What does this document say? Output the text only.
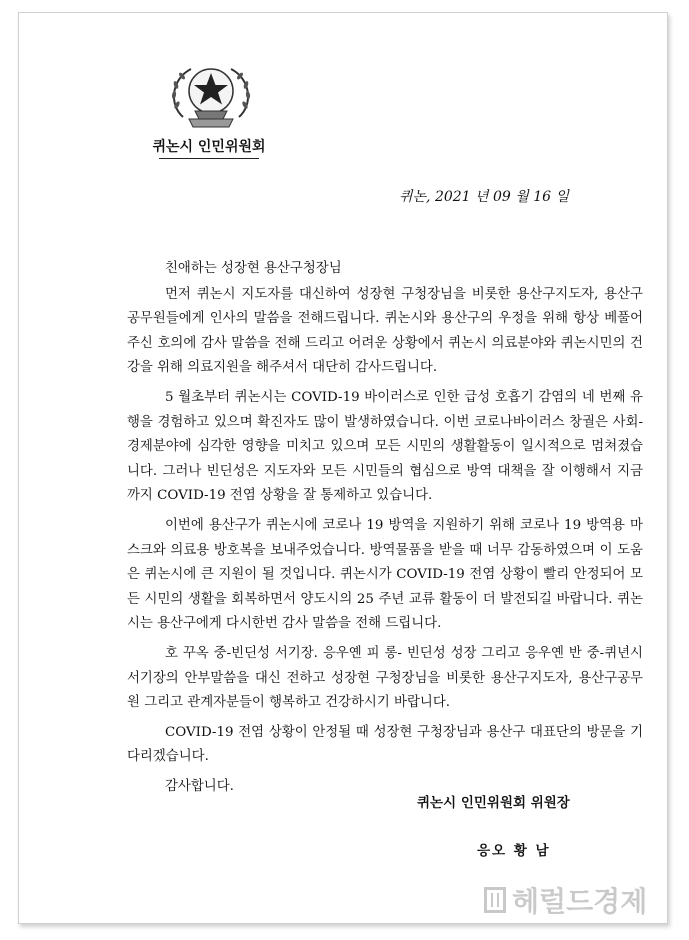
퀴논시 인민위원회
퀴논, 2021 년 09 월 16 일

친애하는 성장현 용산구청장님

먼저 퀴논시 지도자를 대신하여 성장현 구청장님을 비롯한 용산구지도자, 용산구 공무원들에게 인사의 말씀을 전해드립니다. 퀴논시와 용산구의 우정을 위해 항상 베풀어 주신 호의에 감사 말씀을 전해 드리고 어려운 상황에서 퀴논시 의료분야와 퀴논시민의 건강을 위해 의료지원을 해주셔서 대단히 감사드립니다.

5 월초부터 퀴논시는 COVID-19 바이러스로 인한 급성 호흡기 감염의 네 번째 유행을 경험하고 있으며 확진자도 많이 발생하였습니다. 이번 코로나바이러스 창궐은 사회-경제분야에 심각한 영향을 미치고 있으며 모든 시민의 생활활동이 일시적으로 멈쳐졌습니다. 그러나 빈딘성은 지도자와 모든 시민들의 협심으로 방역 대책을 잘 이행해서 지금까지 COVID-19 전염 상황을 잘 통제하고 있습니다.

이번에 용산구가 퀴논시에 코로나 19 방역을 지원하기 위해 코로나 19 방역용 마스크와 의료용 방호복을 보내주었습니다. 방역물품을 받을 때 너무 감동하였으며 이 도움은 퀴논시에 큰 지원이 될 것입니다. 퀴논시가 COVID-19 전염 상황이 빨리 안정되어 모든 시민의 생활을 회복하면서 양도시의 25 주년 교류 활동이 더 발전되길 바랍니다. 퀴논시는 용산구에게 다시한번 감사 말씀을 전해 드립니다.

호 꾸옥 중-빈딘성 서기장. 응우옌 피 롱- 빈딘성 성장 그리고 응우옌 반 중-퀴년시 서기장의 안부말씀을 대신 전하고 성장현 구청장님을 비롯한 용산구지도자, 용산구공무원 그리고 관계자분들이 행복하고 건강하시기 바랍니다.

COVID-19 전염 상황이 안정될 때 성장현 구청장님과 용산구 대표단의 방문을 기다리겠습니다.

감사합니다.

퀴논시 인민위원회 위원장
응오 황 남
헤럴드경제
